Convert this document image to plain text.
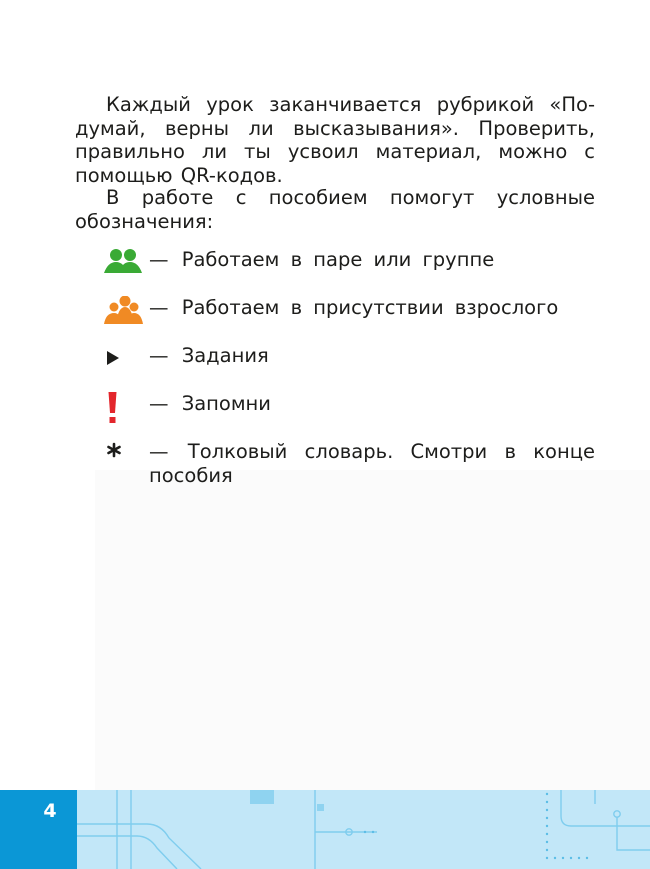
Каждый урок заканчивается рубрикой «По-думай, верны ли высказывания». Проверить, правильно ли ты усвоил материал, можно с помощью QR-кодов.

В работе с пособием помогут условные обозначения:

— Работаем в паре или группе
— Работаем в присутствии взрослого
— Задания
— Запомни
— Толковый словарь. Смотри в конце пособия
4
